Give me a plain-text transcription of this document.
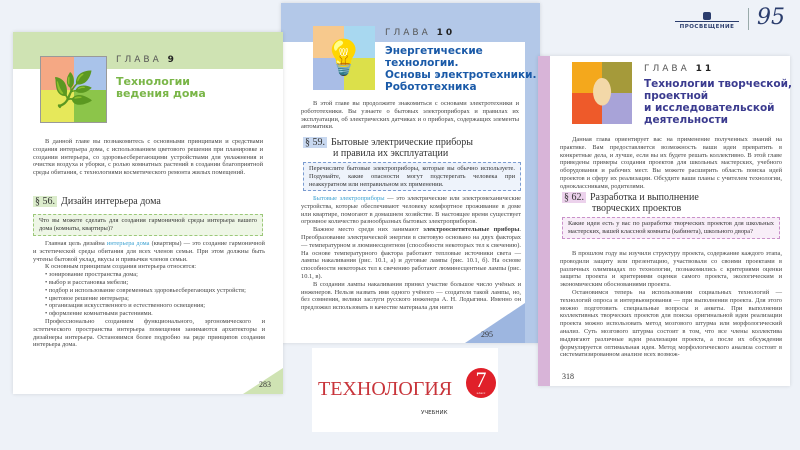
💡
ГЛАВА 10
Энергетические
технологии.
Основы электротехники.
Робототехника

В этой главе вы продолжите знакомиться с основами электротехники и робототехники. Вы узнаете о бытовых электроприборах и правилах их эксплуатации, об электрических датчиках и о приборах, содержащих элементы автоматики.

§ 59. Бытовые электрические приборы
и правила их эксплуатации
Перечислите бытовые электроприборы, которые вы обычно используете. Подумайте, какие опасности могут подстерегать человека при неаккуратном или неправильном их применении.

Бытовые электроприборы — это электрические или электромеханические устройства, которые обеспечивают человеку комфортное проживание в доме или квартире, помогают в домашнем хозяйстве. В настоящее время существует огромное количество разнообразных бытовых электроприборов.

Важное место среди них занимают электроосветительные приборы. Преобразование электрической энергии в световую основано на двух факторах — температурном и люминесцентном (способности некоторых тел к свечению). На основе температурного фактора работают тепловые источники света — лампы накаливания (рис. 10.1, а) и дуговые лампы (рис. 10.1, б). На основе способности некоторых тел к свечению работают люминесцентные лампы (рис. 10.1, в).

В создании лампы накаливания принял участие большое число учёных и инженеров. Нельзя назвать имя одного учёного — создателя такой лампы, но, без сомнения, велики заслуги русского инженера А. Н. Лодыгина. Именно он предложил использовать в качестве материала для нити

295
⬮
ГЛАВА 11
Технологии творческой,
проектной
и исследовательской
деятельности

Данная глава ориентирует вас на применение полученных знаний на практике. Вам предоставляется возможность ваши идеи превратить в конкретные дела, и лучше, если вы их будете решать коллективно. В этой главе приведены примеры создания проектов для школьных мастерских, учебного оборудования и рабочих мест. Вы можете расширить область поиска идей проектов и сферу их реализации. Обсудите ваши планы с учителем технологии, одноклассниками, родителями.

§ 62. Разработка и выполнение
творческих проектов
Какие идеи есть у вас по разработке творческих проектов для школьных мастерских, вашей классной комнаты (кабинета), школьного двора?

В прошлом году вы изучили структуру проекта, содержание каждого этапа, проводили защиту или презентацию, участвовали со своими проектами в различных олимпиадах по технологии, познакомились с критериями оценки защиты проекта и критериями оценки самого проекта, экологическим и экономическим обоснованиями проекта.

Остановимся теперь на использовании социальных технологий — технологий опроса и интервьюирования — при выполнении проекта. Для этого можно подготовить специальные вопросы и анкеты. При выполнении коллективных творческих проектов для поиска оригинальной идеи реализации проекта можно использовать метод мозгового штурма или морфологический анализ. Суть мозгового штурма состоит в том, что все члены коллектива выдвигают различные идеи реализации проекта, а после их обсуждения формулируется оптимальная идея. Метод морфологического анализа состоит в систематизированном анализе всех возмож-

318
🌿
ГЛАВА 9
Технологии
ведения дома

В данной главе вы познакомитесь с основными принципами и средствами создания интерьера дома, с использованием цветового решения при планировке и создании интерьера, со здоровьесберегающими устройствами для увлажнения и очистки воздуха и уборки, с ролью комнатных растений в создании благоприятной среды обитания, с технологиями косметического ремонта жилых помещений.

§ 56. Дизайн интерьера дома
Что вы можете сделать для создания гармоничной среды интерьера вашего дома (комнаты, квартиры)?

Главная цель дизайна интерьера дома (квартиры) — это создание гармоничной и эстетической среды обитания для всех членов семьи. При этом должны быть учтены бытовой уклад, вкусы и привычки членов семьи.

К основным принципам создания интерьера относятся:

• зонирование пространства дома;

• выбор и расстановка мебели;

• подбор и использование современных здоровьесберегающих устройств;

• цветовое решение интерьера;

• организация искусственного и естественного освещения;

• оформление комнатными растениями.

Профессионально созданием функционального, эргономического и эстетического пространства интерьера помещения занимаются архитекторы и дизайнеры интерьера. Остановимся более подробно на ряде принципов создания интерьера дома.

283 ТЕХНОЛОГИЯ	7
класс
УЧЕБНИК
ПРОСВЕЩЕНИЕ 95
